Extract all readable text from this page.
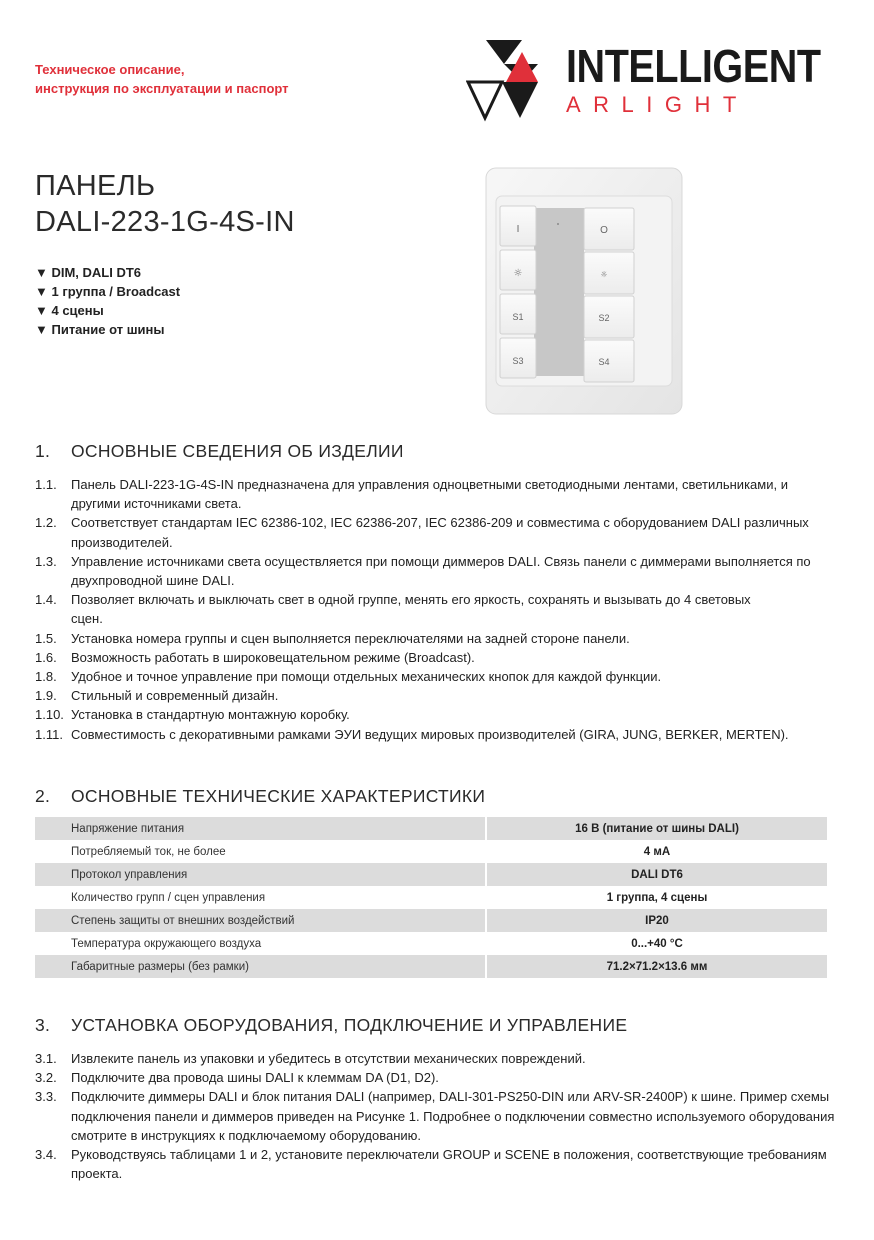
Техническое описание,
инструкция по эксплуатации и паспорт	INTELLIGENT
ARLIGHT
ПАНЕЛЬ
DALI-223-1G-4S-IN
▼ DIM, DALI DT6
▼ 1 группа / Broadcast
▼ 4 сцены
▼ Питание от шины
I
☼
S1
S3
O
☼
S2
S4
1. ОСНОВНЫЕ СВЕДЕНИЯ ОБ ИЗДЕЛИИ
1.1.	Панель DALI-223-1G-4S-IN предназначена для управления одноцветными светодиодными лентами, светильниками, и другими источниками света.
1.2.	Соответствует стандартам IEC 62386-102, IEC 62386-207, IEC 62386-209 и совместима с оборудованием DALI различных производителей.
1.3.	Управление источниками света осуществляется при помощи диммеров DALI. Связь панели с диммерами выполняется по двухпроводной шине DALI.
1.4.	Позволяет включать и выключать свет в одной группе, менять его яркость, сохранять и вызывать до 4 световых сцен.
1.5.	Установка номера группы и сцен выполняется переключателями на задней стороне панели.
1.6.	Возможность работать в широковещательном режиме (Broadcast).
1.8.	Удобное и точное управление при помощи отдельных механических кнопок для каждой функции.
1.9.	Стильный и современный дизайн.
1.10. Установка в стандартную монтажную коробку.
1.11. Совместимость с декоративными рамками ЭУИ ведущих мировых производителей (GIRA, JUNG, BERKER, MERTEN).
2. ОСНОВНЫЕ ТЕХНИЧЕСКИЕ ХАРАКТЕРИСТИКИ
Напряжение питания	16 В (питание от шины DALI)
Потребляемый ток, не более	4 мА
Протокол управления	DALI DT6
Количество групп / сцен управления	1 группа, 4 сцены
Степень защиты от внешних воздействий	IP20
Температура окружающего воздуха	0...+40 °C
Габаритные размеры (без рамки)	71.2×71.2×13.6 мм
3. УСТАНОВКА ОБОРУДОВАНИЯ, ПОДКЛЮЧЕНИЕ И УПРАВЛЕНИЕ
3.1.	Извлеките панель из упаковки и убедитесь в отсутствии механических повреждений.
3.2.	Подключите два провода шины DALI к клеммам DA (D1, D2).
3.3.	Подключите диммеры DALI и блок питания DALI (например, DALI-301-PS250-DIN или ARV-SR-2400P) к шине. Пример схемы подключения панели и диммеров приведен на Рисунке 1. Подробнее о подключении совместно используемого оборудования смотрите в инструкциях к подключаемому оборудованию.
3.4.	Руководствуясь таблицами 1 и 2, установите переключатели GROUP и SCENE в положения, соответствующие требованиям проекта.
